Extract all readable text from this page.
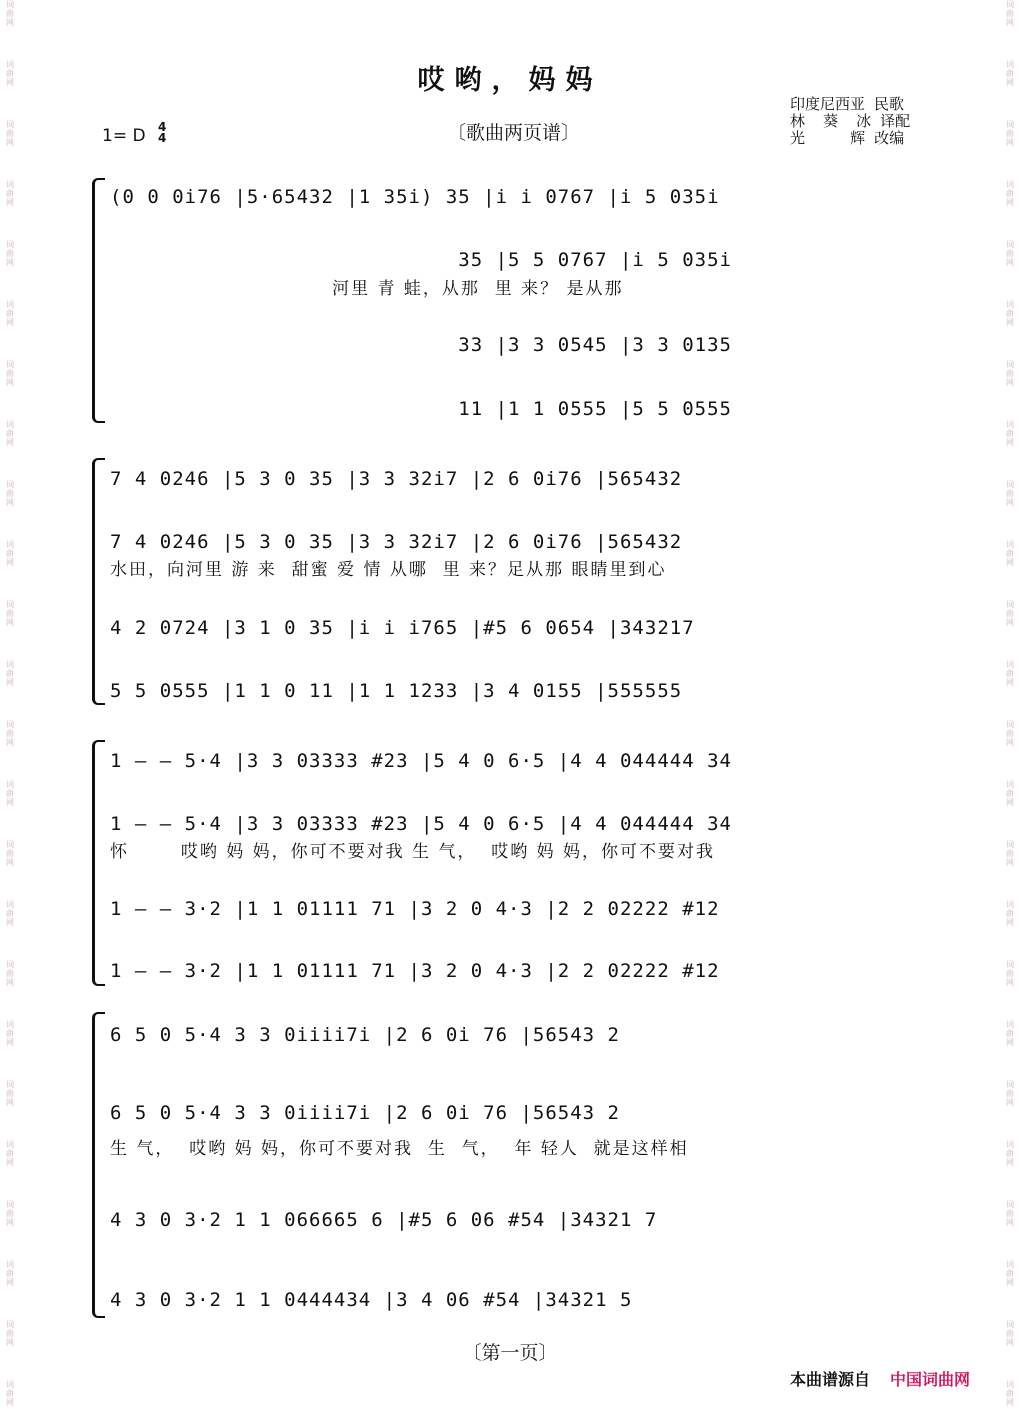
词
曲
网
词
曲
网
词
曲
网
词
曲
网
词
曲
网
词
曲
网
词
曲
网
词
曲
网
词
曲
网
词
曲
网
词
曲
网
词
曲
网
词
曲
网
词
曲
网
词
曲
网
词
曲
网
词
曲
网
词
曲
网
词
曲
网
词
曲
网
词
曲
网
词
曲
网
词
曲
网
词
曲
网
词
曲
网
词
曲
网
词
曲
网
词
曲
网
词
曲
网
词
曲
网
词
曲
网
词
曲
网
词
曲
网
词
曲
网
词
曲
网
词
曲
网
词
曲
网
词
曲
网
词
曲
网
词
曲
网
词
曲
网
词
曲
网
词
曲
网
词
曲
网
词
曲
网
词
曲
网
词
曲
网
词
曲
网
哎哟，妈妈
1= D 4
4	〔歌曲两页谱〕
印度尼西亚 民歌
林  葵  冰 译配
光     辉 改编
(0 0 0i76 |5·65432 |1 35i) 35 |i i 0767 |i 5 035i
35 |5 5 0767 |i 5 035i
河里 青 蛙，从那  里 来？ 是从那
33 |3 3 0545 |3 3 0135
11 |1 1 0555 |5 5 0555
7 4 0246 |5 3 0 35 |3 3 32i7 |2 6 0i76 |565432
7 4 0246 |5 3 0 35 |3 3 32i7 |2 6 0i76 |565432
水田，向河里 游 来  甜蜜 爱 情 从哪  里 来？足从那 眼睛里到心
4 2 0724 |3 1 0 35 |i i i765 |#5 6 0654 |343217
5 5 0555 |1 1 0 11 |1 1 1233 |3 4 0155 |555555
1 — — 5·4 |3 3 03333 #23 |5 4 0 6·5 |4 4 044444 34
1 — — 5·4 |3 3 03333 #23 |5 4 0 6·5 |4 4 044444 34
怀       哎哟 妈 妈，你可不要对我 生 气，  哎哟 妈 妈，你可不要对我
1 — — 3·2 |1 1 01111 71 |3 2 0 4·3 |2 2 02222 #12
1 — — 3·2 |1 1 01111 71 |3 2 0 4·3 |2 2 02222 #12
6 5 0 5·4 3 3 0iiii7i |2 6 0i 76 |56543 2
6 5 0 5·4 3 3 0iiii7i |2 6 0i 76 |56543 2
生 气，  哎哟 妈 妈，你可不要对我  生  气，  年 轻人  就是这样相
4 3 0 3·2 1 1 066665 6 |#5 6 06 #54 |34321 7
4 3 0 3·2 1 1 0444434 |3 4 06 #54 |34321 5
〔第一页〕
本曲谱源自 中国词曲网
